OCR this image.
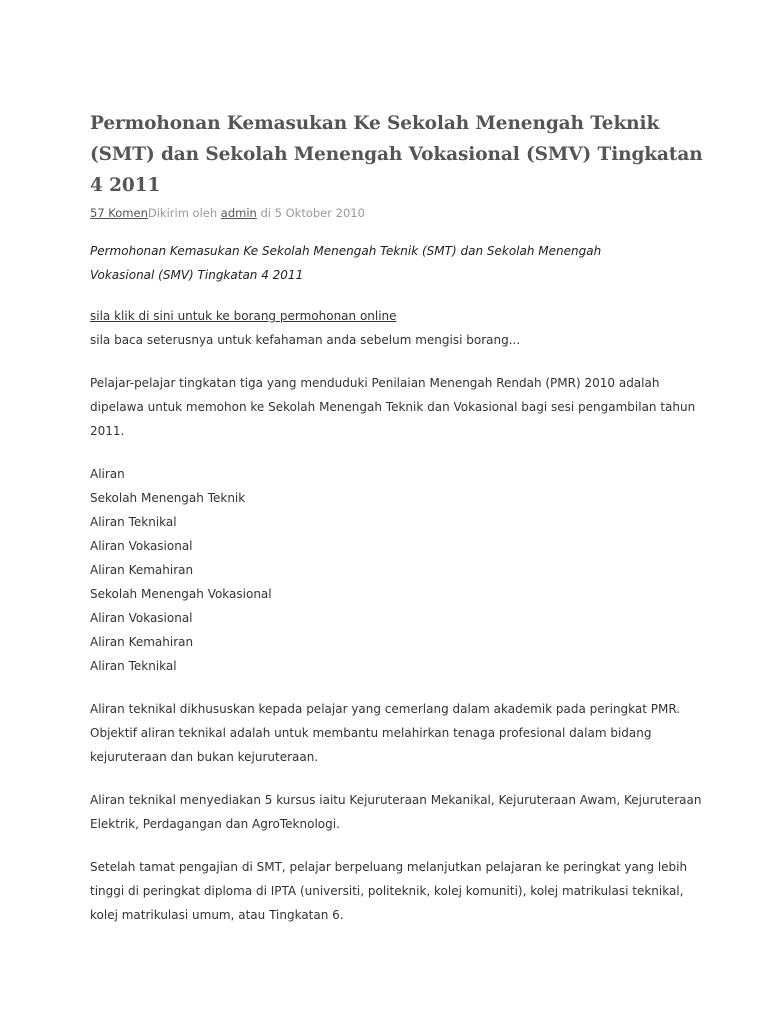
Permohonan Kemasukan Ke Sekolah Menengah Teknik (SMT) dan Sekolah Menengah Vokasional (SMV) Tingkatan 4 2011
57 KomenDikirim oleh admin di 5 Oktober 2010
Permohonan Kemasukan Ke Sekolah Menengah Teknik (SMT) dan Sekolah Menengah Vokasional (SMV) Tingkatan 4 2011
sila klik di sini untuk ke borang permohonan online
sila baca seterusnya untuk kefahaman anda sebelum mengisi borang...
Pelajar-pelajar tingkatan tiga yang menduduki Penilaian Menengah Rendah (PMR) 2010 adalah dipelawa untuk memohon ke Sekolah Menengah Teknik dan Vokasional bagi sesi pengambilan tahun 2011.
Aliran
Sekolah Menengah Teknik
Aliran Teknikal
Aliran Vokasional
Aliran Kemahiran
Sekolah Menengah Vokasional
Aliran Vokasional
Aliran Kemahiran
Aliran Teknikal
Aliran teknikal dikhususkan kepada pelajar yang cemerlang dalam akademik pada peringkat PMR. Objektif aliran teknikal adalah untuk membantu melahirkan tenaga profesional dalam bidang kejuruteraan dan bukan kejuruteraan.
Aliran teknikal menyediakan 5 kursus iaitu Kejuruteraan Mekanikal, Kejuruteraan Awam, Kejuruteraan Elektrik, Perdagangan dan AgroTeknologi.
Setelah tamat pengajian di SMT, pelajar berpeluang melanjutkan pelajaran ke peringkat yang lebih tinggi di peringkat diploma di IPTA (universiti, politeknik, kolej komuniti), kolej matrikulasi teknikal, kolej matrikulasi umum, atau Tingkatan 6.
